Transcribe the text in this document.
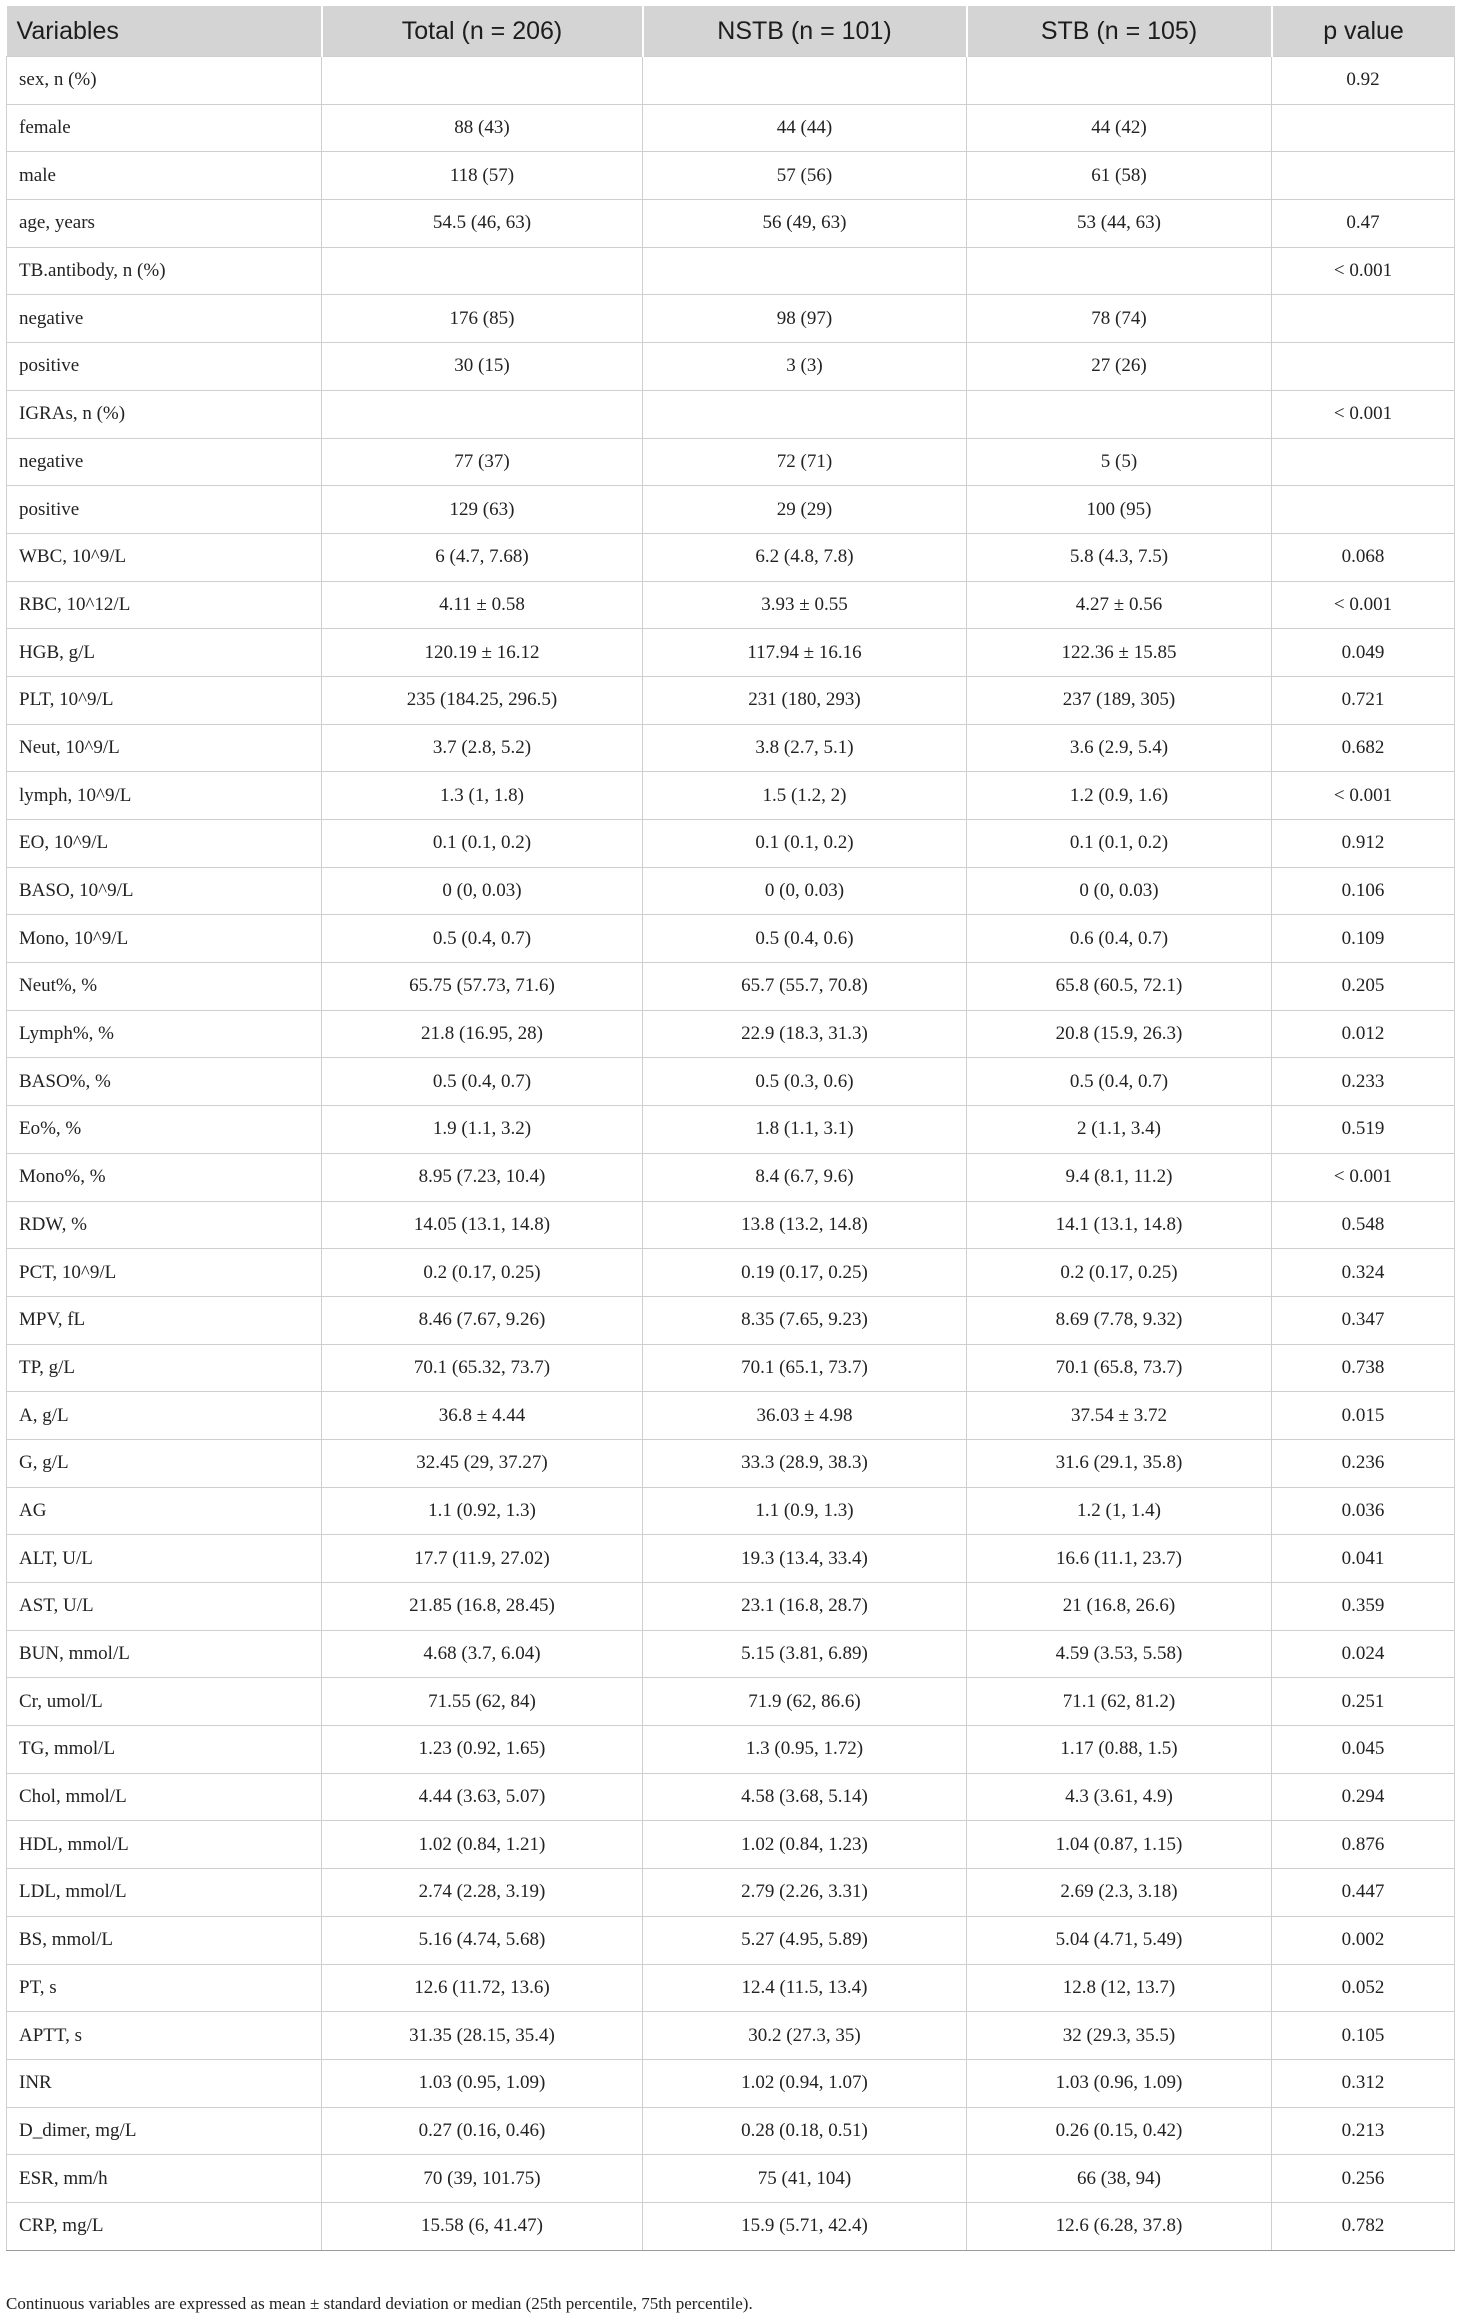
Variables	Total (n = 206)	NSTB (n = 101)	STB (n = 105)	p value
sex, n (%)				0.92
female	88 (43)	44 (44)	44 (42)	
male	118 (57)	57 (56)	61 (58)	
age, years	54.5 (46, 63)	56 (49, 63)	53 (44, 63)	0.47
TB.antibody, n (%)				< 0.001
negative	176 (85)	98 (97)	78 (74)	
positive	30 (15)	3 (3)	27 (26)	
IGRAs, n (%)				< 0.001
negative	77 (37)	72 (71)	5 (5)	
positive	129 (63)	29 (29)	100 (95)	
WBC, 10^9/L	6 (4.7, 7.68)	6.2 (4.8, 7.8)	5.8 (4.3, 7.5)	0.068
RBC, 10^12/L	4.11 ± 0.58	3.93 ± 0.55	4.27 ± 0.56	< 0.001
HGB, g/L	120.19 ± 16.12	117.94 ± 16.16	122.36 ± 15.85	0.049
PLT, 10^9/L	235 (184.25, 296.5)	231 (180, 293)	237 (189, 305)	0.721
Neut, 10^9/L	3.7 (2.8, 5.2)	3.8 (2.7, 5.1)	3.6 (2.9, 5.4)	0.682
lymph, 10^9/L	1.3 (1, 1.8)	1.5 (1.2, 2)	1.2 (0.9, 1.6)	< 0.001
EO, 10^9/L	0.1 (0.1, 0.2)	0.1 (0.1, 0.2)	0.1 (0.1, 0.2)	0.912
BASO, 10^9/L	0 (0, 0.03)	0 (0, 0.03)	0 (0, 0.03)	0.106
Mono, 10^9/L	0.5 (0.4, 0.7)	0.5 (0.4, 0.6)	0.6 (0.4, 0.7)	0.109
Neut%, %	65.75 (57.73, 71.6)	65.7 (55.7, 70.8)	65.8 (60.5, 72.1)	0.205
Lymph%, %	21.8 (16.95, 28)	22.9 (18.3, 31.3)	20.8 (15.9, 26.3)	0.012
BASO%, %	0.5 (0.4, 0.7)	0.5 (0.3, 0.6)	0.5 (0.4, 0.7)	0.233
Eo%, %	1.9 (1.1, 3.2)	1.8 (1.1, 3.1)	2 (1.1, 3.4)	0.519
Mono%, %	8.95 (7.23, 10.4)	8.4 (6.7, 9.6)	9.4 (8.1, 11.2)	< 0.001
RDW, %	14.05 (13.1, 14.8)	13.8 (13.2, 14.8)	14.1 (13.1, 14.8)	0.548
PCT, 10^9/L	0.2 (0.17, 0.25)	0.19 (0.17, 0.25)	0.2 (0.17, 0.25)	0.324
MPV, fL	8.46 (7.67, 9.26)	8.35 (7.65, 9.23)	8.69 (7.78, 9.32)	0.347
TP, g/L	70.1 (65.32, 73.7)	70.1 (65.1, 73.7)	70.1 (65.8, 73.7)	0.738
A, g/L	36.8 ± 4.44	36.03 ± 4.98	37.54 ± 3.72	0.015
G, g/L	32.45 (29, 37.27)	33.3 (28.9, 38.3)	31.6 (29.1, 35.8)	0.236
AG	1.1 (0.92, 1.3)	1.1 (0.9, 1.3)	1.2 (1, 1.4)	0.036
ALT, U/L	17.7 (11.9, 27.02)	19.3 (13.4, 33.4)	16.6 (11.1, 23.7)	0.041
AST, U/L	21.85 (16.8, 28.45)	23.1 (16.8, 28.7)	21 (16.8, 26.6)	0.359
BUN, mmol/L	4.68 (3.7, 6.04)	5.15 (3.81, 6.89)	4.59 (3.53, 5.58)	0.024
Cr, umol/L	71.55 (62, 84)	71.9 (62, 86.6)	71.1 (62, 81.2)	0.251
TG, mmol/L	1.23 (0.92, 1.65)	1.3 (0.95, 1.72)	1.17 (0.88, 1.5)	0.045
Chol, mmol/L	4.44 (3.63, 5.07)	4.58 (3.68, 5.14)	4.3 (3.61, 4.9)	0.294
HDL, mmol/L	1.02 (0.84, 1.21)	1.02 (0.84, 1.23)	1.04 (0.87, 1.15)	0.876
LDL, mmol/L	2.74 (2.28, 3.19)	2.79 (2.26, 3.31)	2.69 (2.3, 3.18)	0.447
BS, mmol/L	5.16 (4.74, 5.68)	5.27 (4.95, 5.89)	5.04 (4.71, 5.49)	0.002
PT, s	12.6 (11.72, 13.6)	12.4 (11.5, 13.4)	12.8 (12, 13.7)	0.052
APTT, s	31.35 (28.15, 35.4)	30.2 (27.3, 35)	32 (29.3, 35.5)	0.105
INR	1.03 (0.95, 1.09)	1.02 (0.94, 1.07)	1.03 (0.96, 1.09)	0.312
D_dimer, mg/L	0.27 (0.16, 0.46)	0.28 (0.18, 0.51)	0.26 (0.15, 0.42)	0.213
ESR, mm/h	70 (39, 101.75)	75 (41, 104)	66 (38, 94)	0.256
CRP, mg/L	15.58 (6, 41.47)	15.9 (5.71, 42.4)	12.6 (6.28, 37.8)	0.782
Continuous variables are expressed as mean ± standard deviation or median (25th percentile, 75th percentile).
